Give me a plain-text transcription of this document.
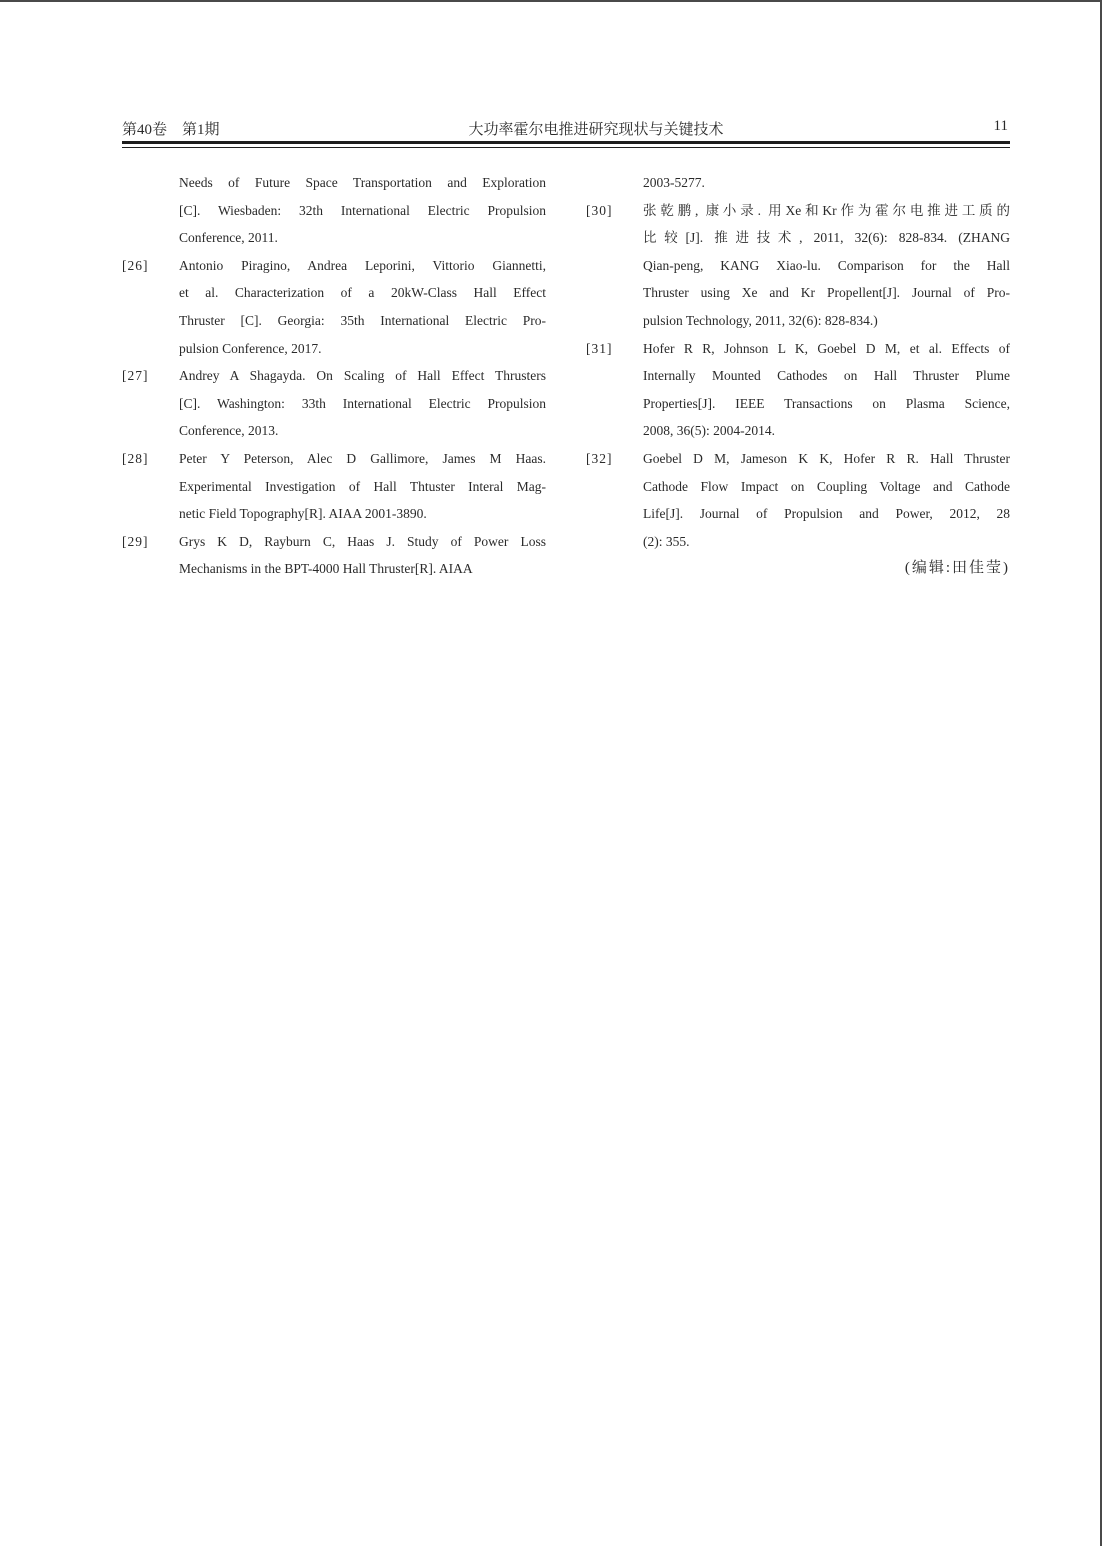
第40卷　第1期	大功率霍尔电推进研究现状与关键技术	11
Needs of Future Space Transportation and Exploration
[C]. Wiesbaden: 32th International Electric Propulsion
Conference, 2011.
[26]	Antonio Piragino, Andrea Leporini, Vittorio Giannetti,
et al. Characterization of a 20kW-Class Hall Effect
Thruster [C]. Georgia: 35th International Electric Pro-
pulsion Conference, 2017.
[27]	Andrey A Shagayda. On Scaling of Hall Effect Thrusters
[C]. Washington: 33th International Electric Propulsion
Conference, 2013.
[28]	Peter Y Peterson, Alec D Gallimore, James M Haas.
Experimental Investigation of Hall Thtuster Interal Mag-
netic Field Topography[R]. AIAA 2001-3890.
[29]	Grys K D, Rayburn C, Haas J. Study of Power Loss
Mechanisms in the BPT-4000 Hall Thruster[R]. AIAA
2003-5277.
[30]	张乾鹏, 康小录. 用Xe和Kr作为霍尔电推进工质的
比较[J]. 推进技术, 2011, 32(6): 828-834. (ZHANG
Qian-peng, KANG Xiao-lu. Comparison for the Hall
Thruster using Xe and Kr Propellent[J]. Journal of Pro-
pulsion Technology, 2011, 32(6): 828-834.)
[31]	Hofer R R, Johnson L K, Goebel D M, et al. Effects of
Internally Mounted Cathodes on Hall Thruster Plume
Properties[J]. IEEE Transactions on Plasma Science,
2008, 36(5): 2004-2014.
[32]	Goebel D M, Jameson K K, Hofer R R. Hall Thruster
Cathode Flow Impact on Coupling Voltage and Cathode
Life[J]. Journal of Propulsion and Power, 2012, 28
(2): 355.
(编辑:田佳莹)
